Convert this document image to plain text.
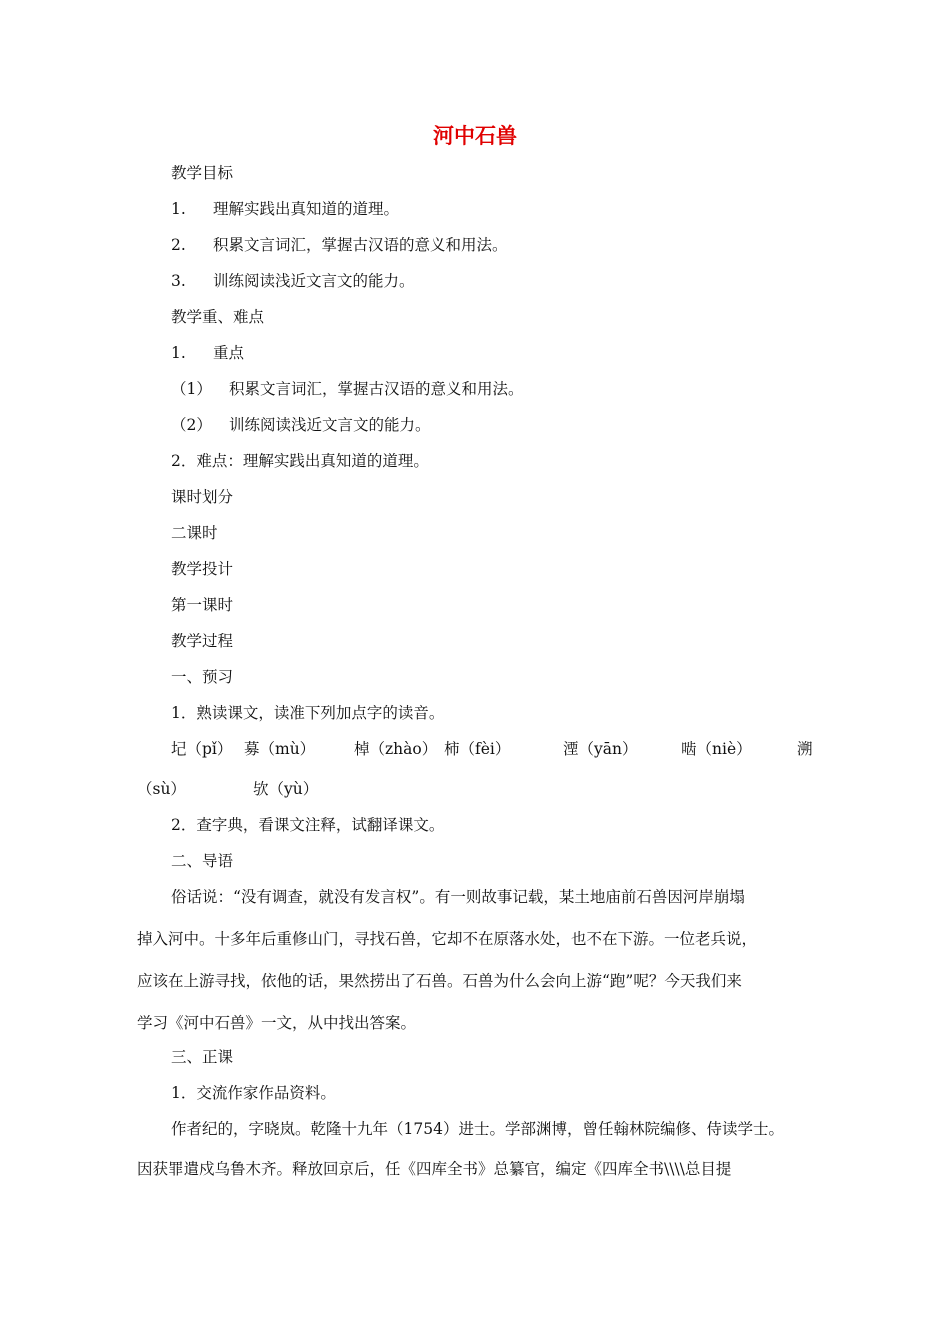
河中石兽
教学目标
1. 理解实践出真知道的道理。
2. 积累文言词汇，掌握古汉语的意义和用法。
3. 训练阅读浅近文言文的能力。
教学重、难点
1. 重点
（1） 积累文言词汇，掌握古汉语的意义和用法。
（2） 训练阅读浅近文言文的能力。
2．难点：理解实践出真知道的道理。
课时划分
二课时
教学投计
第一课时
教学过程
一、预习
1．熟读课文，读准下列加点字的读音。
圮（pǐ） 募（mù）	棹（zhào） 柿（fèi）	湮（yān）	啮（niè）	溯
（sù）	欤（yù）
2．查字典，看课文注释，试翻译课文。
二、导语
俗话说：“没有调查，就没有发言权”。有一则故事记载，某土地庙前石兽因河岸崩塌
掉入河中。十多年后重修山门，寻找石兽，它却不在原落水处，也不在下游。一位老兵说，
应该在上游寻找，依他的话，果然捞出了石兽。石兽为什么会向上游“跑”呢？今天我们来
学习《河中石兽》一文，从中找出答案。
三、正课
1．交流作家作品资料。
作者纪的，字晓岚。乾隆十九年（1754）进士。学部渊博，曾任翰林院编修、侍读学士。
因获罪遣戍乌鲁木齐。释放回京后，任《四库全书》总纂官，编定《四库全书\\\\总目提
